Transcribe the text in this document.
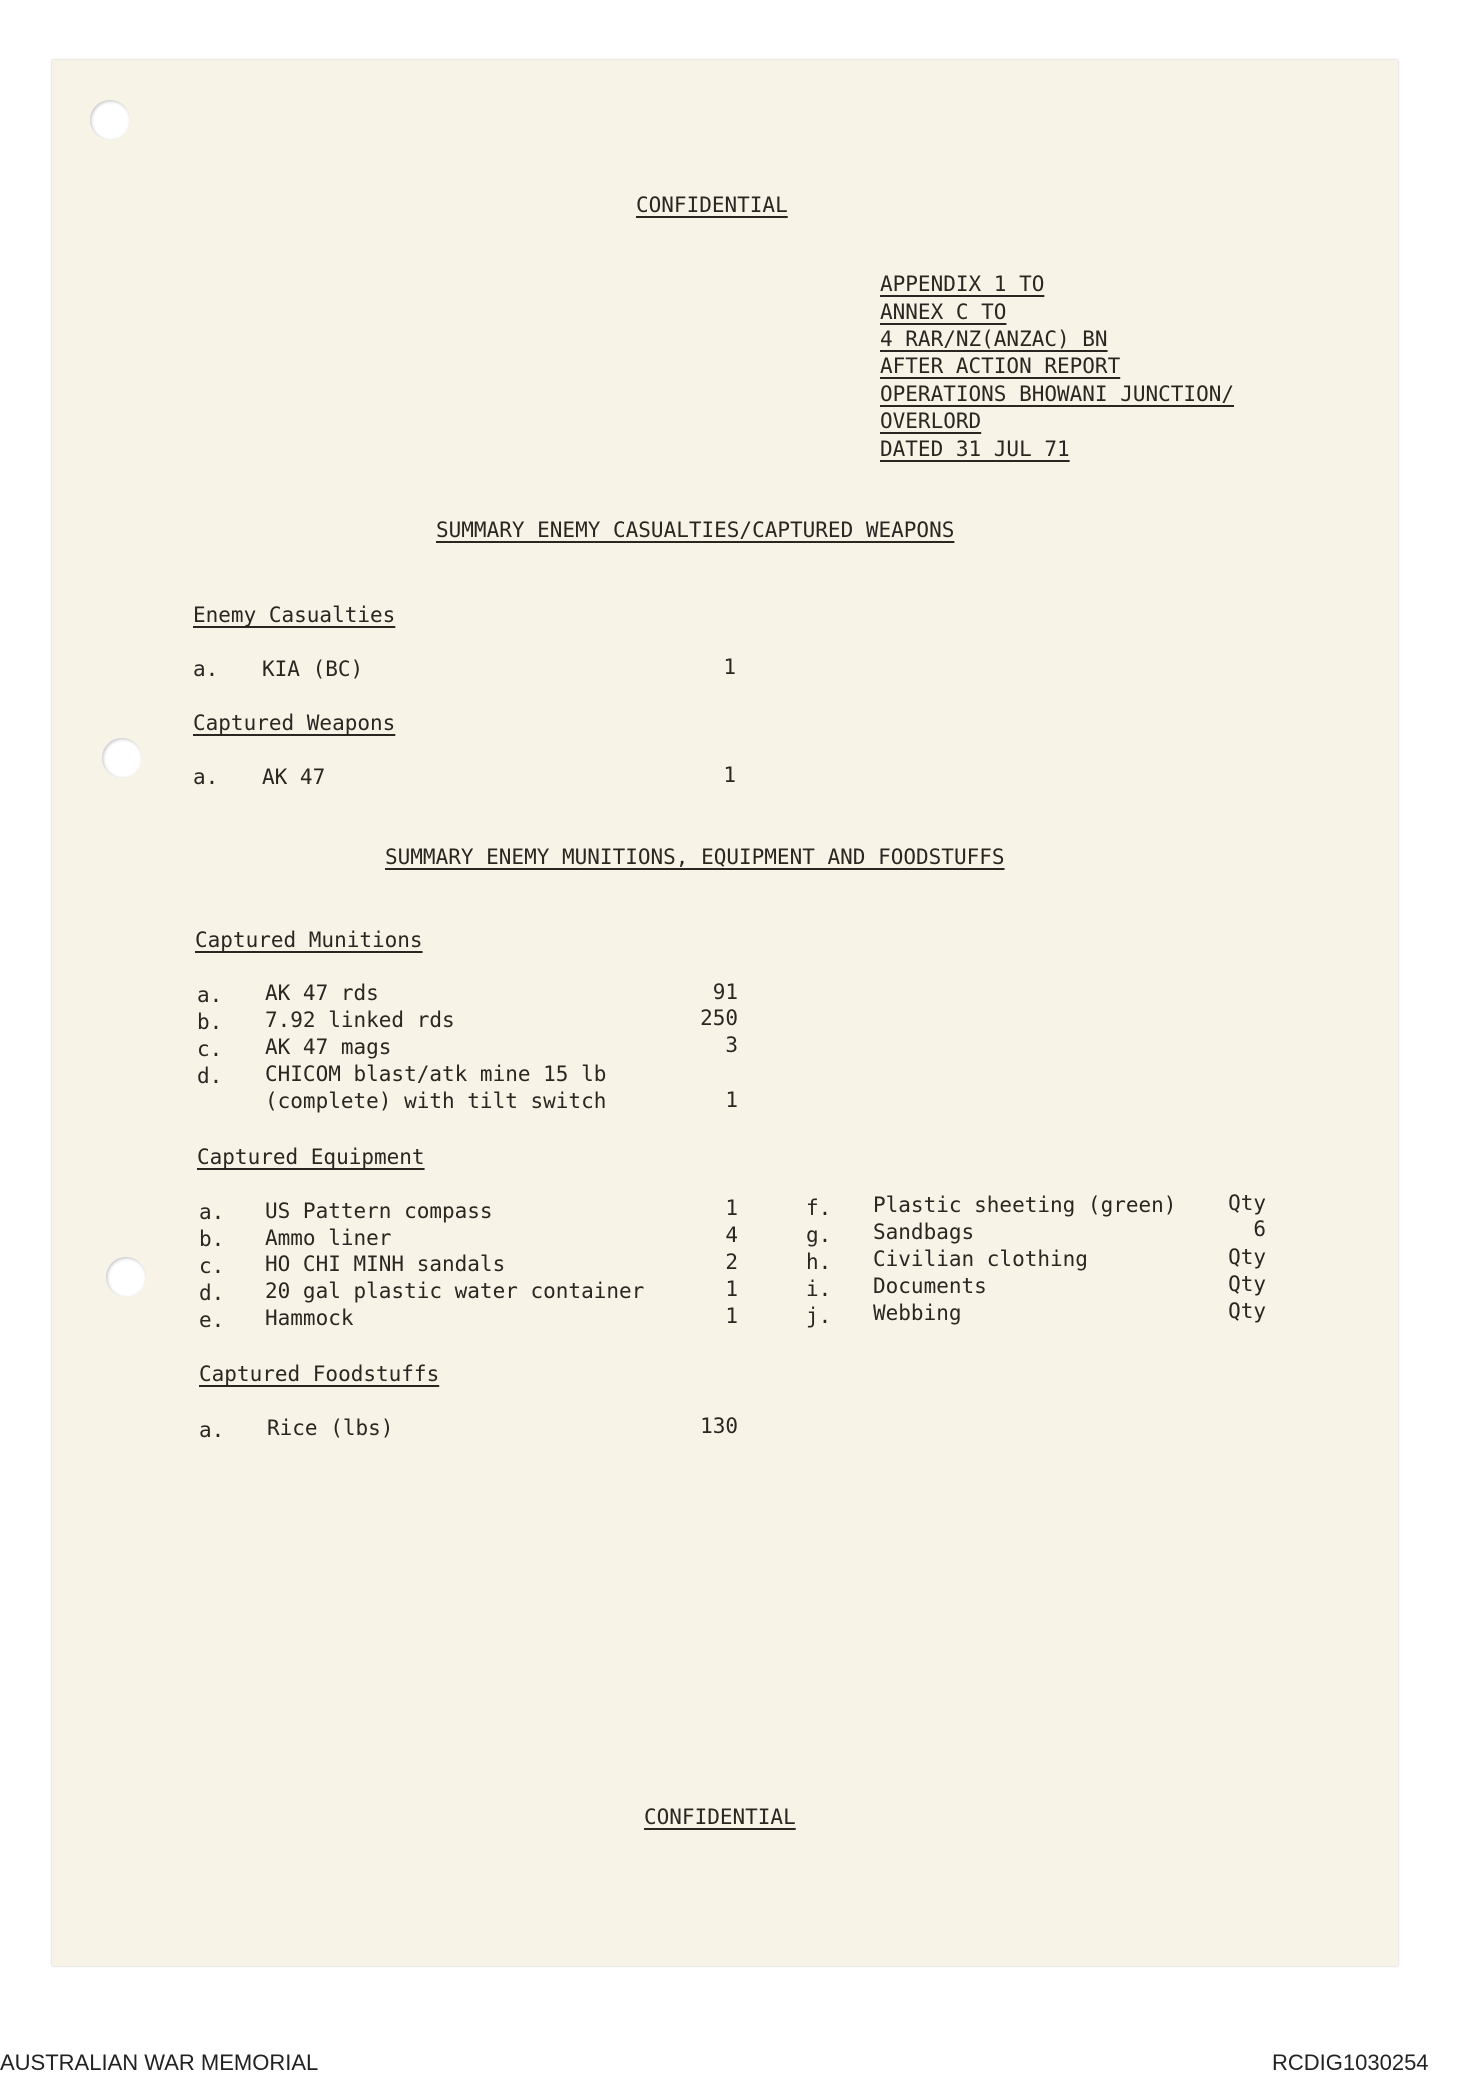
CONFIDENTIAL
APPENDIX 1 TO
ANNEX C TO
4 RAR/NZ(ANZAC) BN
AFTER ACTION REPORT
OPERATIONS BHOWANI JUNCTION/
OVERLORD
DATED 31 JUL 71
SUMMARY ENEMY CASUALTIES/CAPTURED WEAPONS
Enemy Casualties
a. KIA (BC)	1
Captured Weapons
a. AK 47	1
SUMMARY ENEMY MUNITIONS, EQUIPMENT AND FOODSTUFFS
Captured Munitions
a. AK 47 rds	91
b. 7.92 linked rds	250
c. AK 47 mags	3
d. CHICOM blast/atk mine 15 lb
(complete) with tilt switch	1
Captured Equipment
a. US Pattern compass	1
b. Ammo liner	4
c. HO CHI MINH sandals	2
d. 20 gal plastic water container	1
e. Hammock	1
f. Plastic sheeting (green)	Qty
g. Sandbags	6
h. Civilian clothing	Qty
i. Documents	Qty
j. Webbing	Qty
Captured Foodstuffs
a. Rice (lbs)	130
CONFIDENTIAL
AUSTRALIAN WAR MEMORIAL	RCDIG1030254
